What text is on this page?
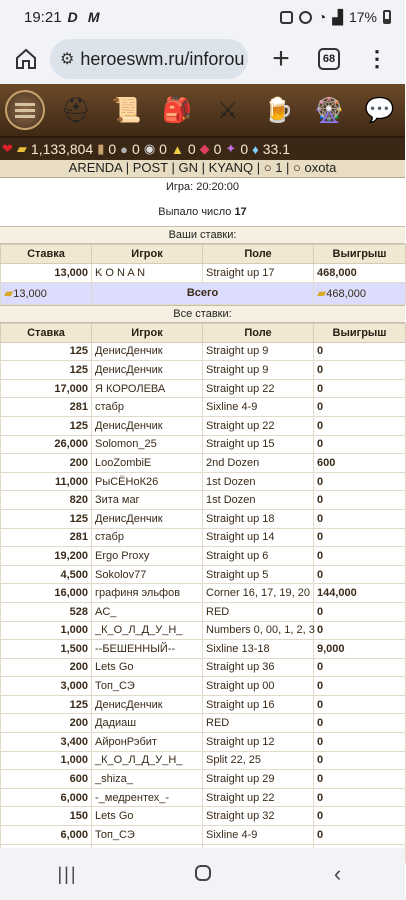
19:21 D M	◔ ▟ 17%
⚙ heroeswm.ru/inforou +	68 ⋮
⛑ 📜 🎒	⚔	🍺 🎡 💬
❤ ▰ 1,133,804 ▮ 0 ● 0 ◉ 0 ▲ 0 ◆ 0 ✦ 0 ♦ 33.1
ARENDA | POST | GN | KYANQ | ○ 1 | ○ oxota
Игра: 20:20:00
Выпало число 17
Ваши ставки:
Ставка	Игрок	Поле	Выигрыш
13,000	K O N A N	Straight up 17	468,000
▰13,000	Всего		▰468,000
Все ставки:
Ставка	Игрок	Поле	Выигрыш
125	ДенисДенчик	Straight up 9	0
125	ДенисДенчик	Straight up 9	0
17,000	Я КОРОЛЕВА	Straight up 22	0
281	стабр	Sixline 4-9	0
125	ДенисДенчик	Straight up 22	0
26,000	Solomon_25	Straight up 15	0
200	LooZombiE	2nd Dozen	600
11,000	РыСЁНоК26	1st Dozen	0
820	Зита маг	1st Dozen	0
125	ДенисДенчик	Straight up 18	0
281	стабр	Straight up 14	0
19,200	Ergo Proxy	Straight up 6	0
4,500	Sokolov77	Straight up 5	0
16,000	графиня эльфов	Corner 16, 17, 19, 20	144,000
528	AC_	RED	0
1,000	_К_О_Л_Д_У_Н_	Numbers 0, 00, 1, 2, 3	0
1,500	--БЕШЕННЫЙ--	Sixline 13-18	9,000
200	Lets Go	Straight up 36	0
3,000	Топ_СЭ	Straight up 00	0
125	ДенисДенчик	Straight up 16	0
200	Дадиаш	RED	0
3,400	АйронРэбит	Straight up 12	0
1,000	_К_О_Л_Д_У_Н_	Split 22, 25	0
600	_shiza_	Straight up 29	0
6,000	-_медрентех_-	Straight up 22	0
150	Lets Go	Straight up 32	0
6,000	Топ_СЭ	Sixline 4-9	0

|||	‹
